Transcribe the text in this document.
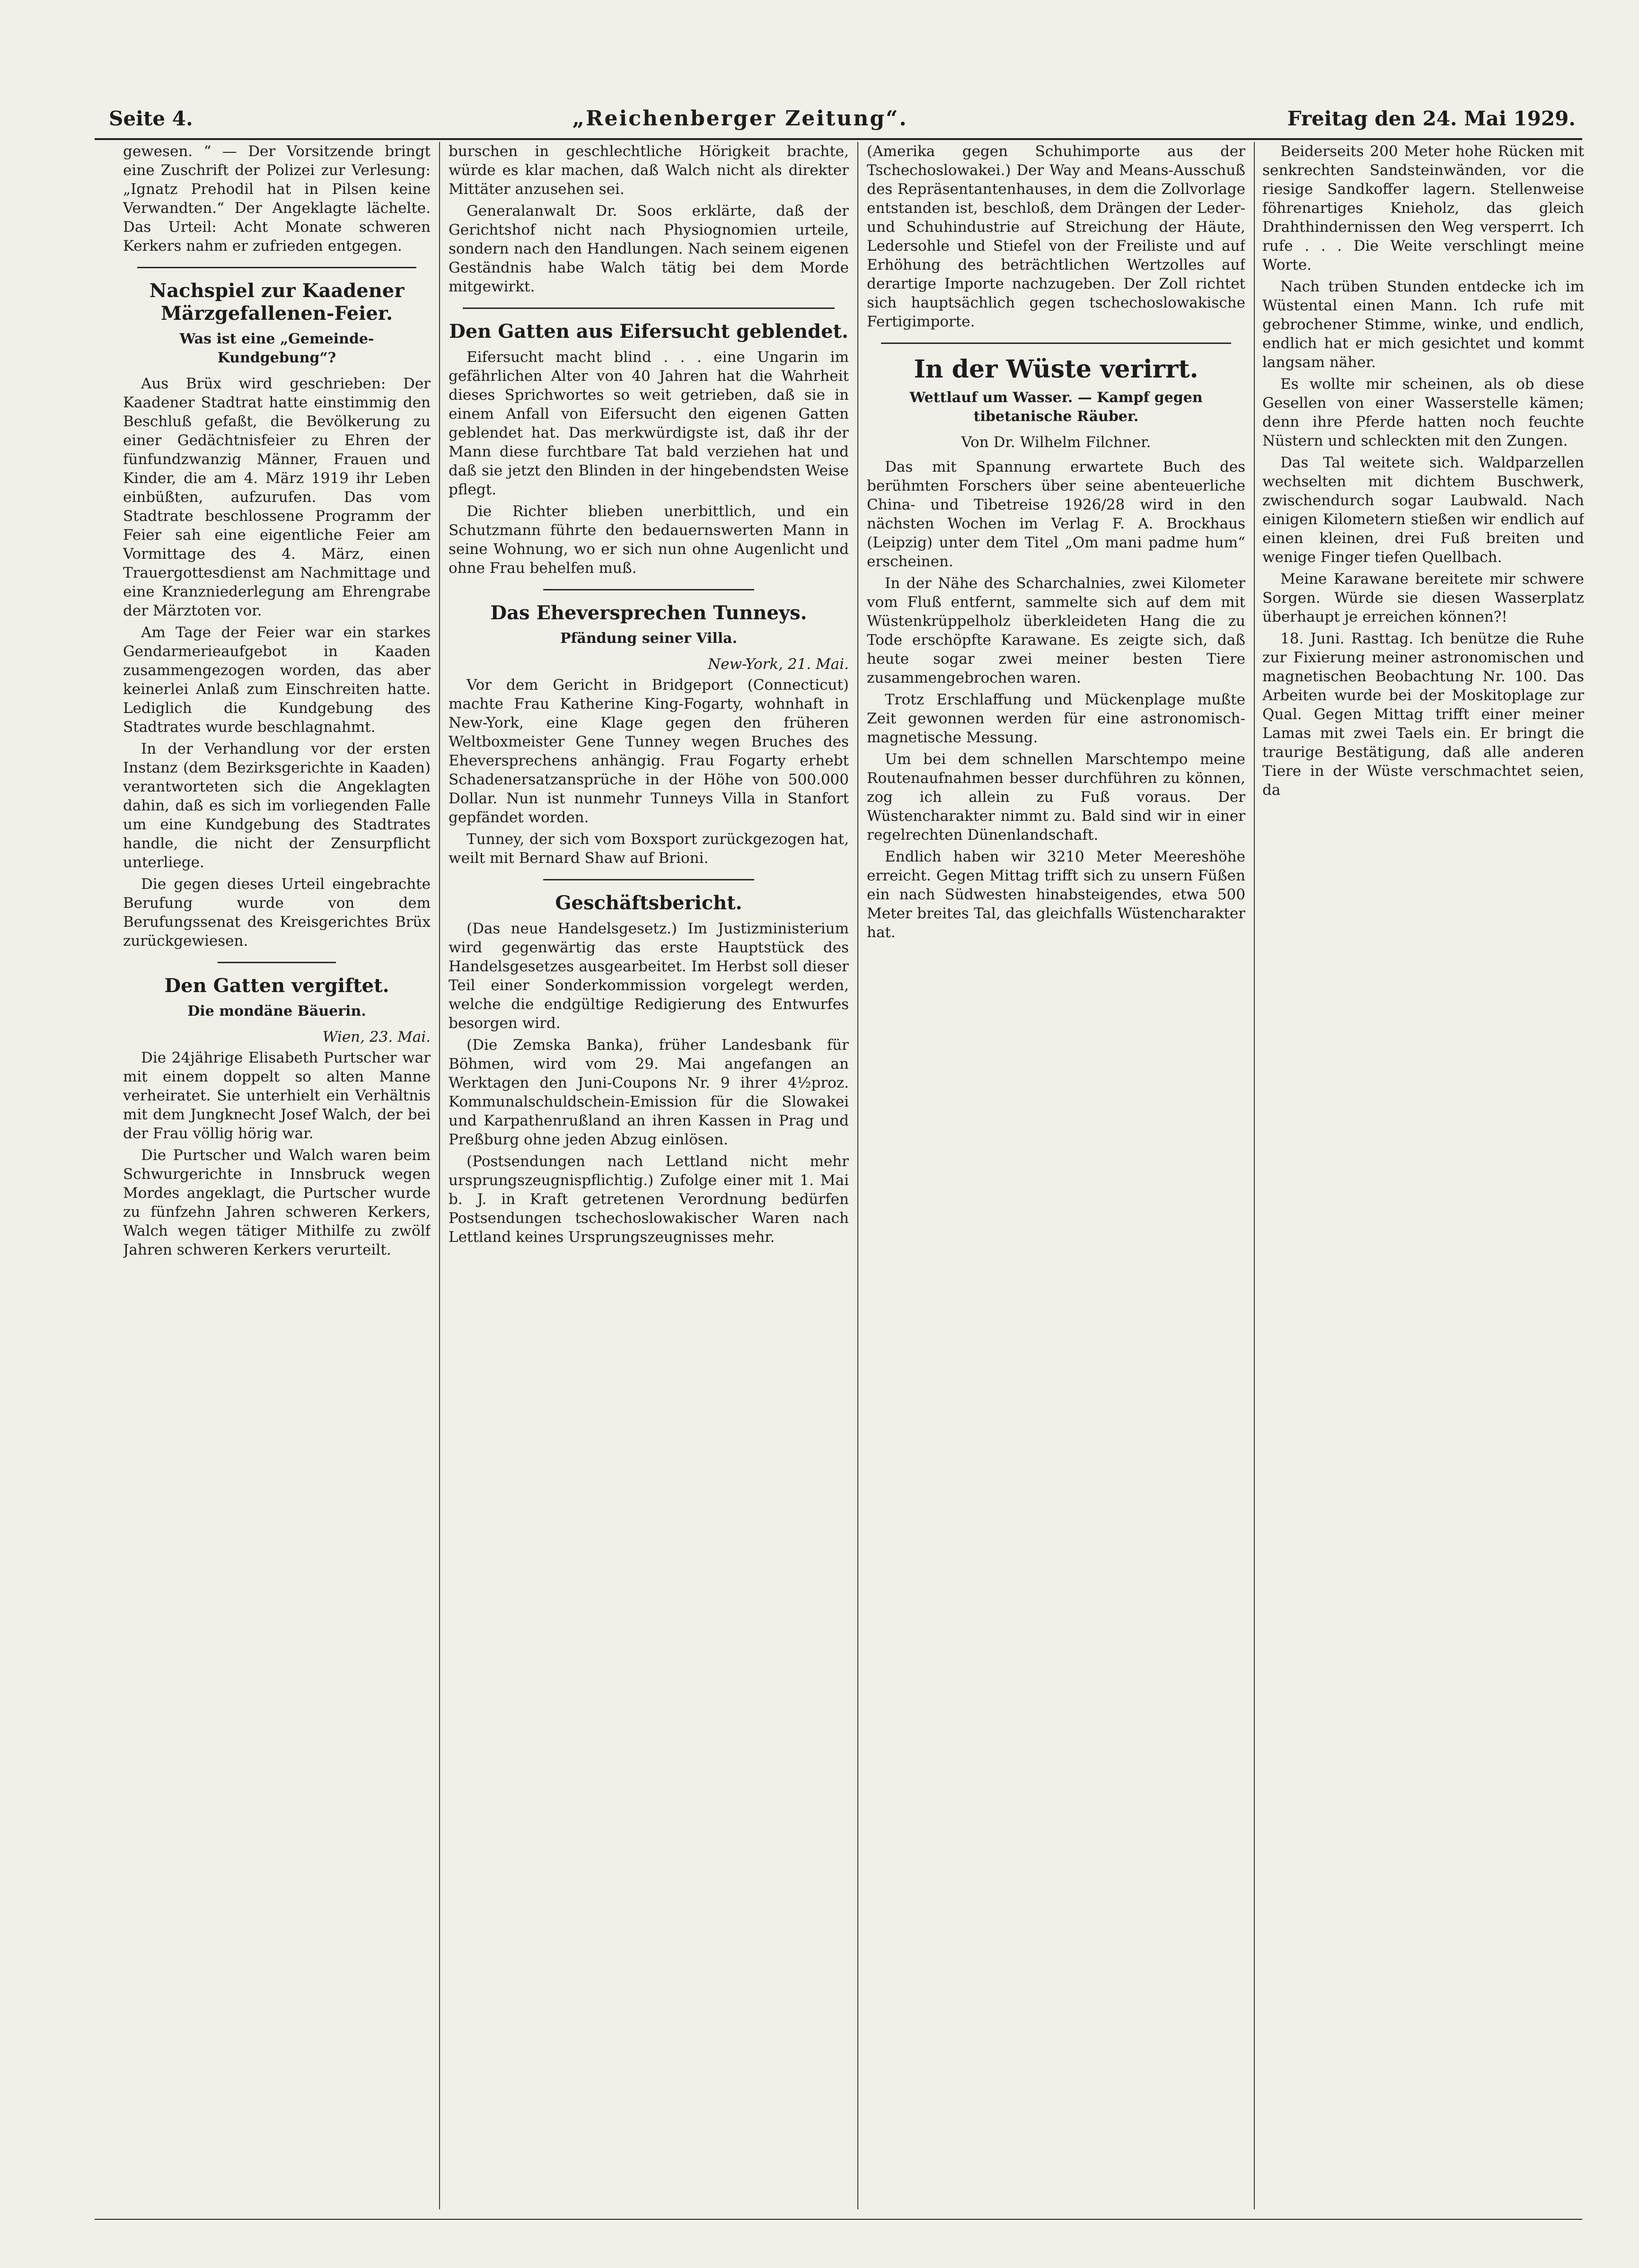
Seite 4.	„Reichenberger Zeitung“.	Freitag den 24. Mai 1929.

gewesen. “ — Der Vorsitzende bringt eine Zuschrift der Polizei zur Verlesung: „Ignatz Prehodil hat in Pilsen keine Verwandten.“ Der Angeklagte lächelte. Das Urteil: Acht Monate schweren Kerkers nahm er zufrieden entgegen.

Nachspiel zur Kaadener Märzgefallenen-Feier.
Was ist eine „Gemeinde-Kundgebung“?

Aus Brüx wird geschrieben: Der Kaadener Stadtrat hatte einstimmig den Beschluß gefaßt, die Bevölkerung zu einer Gedächtnisfeier zu Ehren der fünfundzwanzig Männer, Frauen und Kinder, die am 4. März 1919 ihr Leben einbüßten, aufzurufen. Das vom Stadtrate beschlossene Programm der Feier sah eine eigentliche Feier am Vormittage des 4. März, einen Trauergottesdienst am Nachmittage und eine Kranzniederlegung am Ehrengrabe der Märztoten vor.

Am Tage der Feier war ein starkes Gendarmerieaufgebot in Kaaden zusammengezogen worden, das aber keinerlei Anlaß zum Einschreiten hatte. Lediglich die Kundgebung des Stadtrates wurde beschlagnahmt.

In der Verhandlung vor der ersten Instanz (dem Bezirksgerichte in Kaaden) verantworteten sich die Angeklagten dahin, daß es sich im vorliegenden Falle um eine Kundgebung des Stadtrates handle, die nicht der Zensurpflicht unterliege.

Die gegen dieses Urteil eingebrachte Berufung wurde von dem Berufungssenat des Kreisgerichtes Brüx zurückgewiesen.

Den Gatten vergiftet.
Die mondäne Bäuerin.
Wien, 23. Mai.

Die 24jährige Elisabeth Purtscher war mit einem doppelt so alten Manne verheiratet. Sie unterhielt ein Verhältnis mit dem Jungknecht Josef Walch, der bei der Frau völlig hörig war.

Die Purtscher und Walch waren beim Schwurgerichte in Innsbruck wegen Mordes angeklagt, die Purtscher wurde zu fünfzehn Jahren schweren Kerkers, Walch wegen tätiger Mithilfe zu zwölf Jahren schweren Kerkers verurteilt.

burschen in geschlechtliche Hörigkeit brachte, würde es klar machen, daß Walch nicht als direkter Mittäter anzusehen sei.

Generalanwalt Dr. Soos erklärte, daß der Gerichtshof nicht nach Physiognomien urteile, sondern nach den Handlungen. Nach seinem eigenen Geständnis habe Walch tätig bei dem Morde mitgewirkt.

Den Gatten aus Eifersucht geblendet.

Eifersucht macht blind . . . eine Ungarin im gefährlichen Alter von 40 Jahren hat die Wahrheit dieses Sprichwortes so weit getrieben, daß sie in einem Anfall von Eifersucht den eigenen Gatten geblendet hat. Das merkwürdigste ist, daß ihr der Mann diese furchtbare Tat bald verziehen hat und daß sie jetzt den Blinden in der hingebendsten Weise pflegt.

Die Richter blieben unerbittlich, und ein Schutzmann führte den bedauernswerten Mann in seine Wohnung, wo er sich nun ohne Augenlicht und ohne Frau behelfen muß.

Das Eheversprechen Tunneys.
Pfändung seiner Villa.
New-York, 21. Mai.

Vor dem Gericht in Bridgeport (Connecticut) machte Frau Katherine King-Fogarty, wohnhaft in New-York, eine Klage gegen den früheren Weltboxmeister Gene Tunney wegen Bruches des Eheversprechens anhängig. Frau Fogarty erhebt Schadenersatzansprüche in der Höhe von 500.000 Dollar. Nun ist nunmehr Tunneys Villa in Stanfort gepfändet worden.

Tunney, der sich vom Boxsport zurückgezogen hat, weilt mit Bernard Shaw auf Brioni.

Geschäftsbericht.

(Das neue Handelsgesetz.) Im Justizministerium wird gegenwärtig das erste Hauptstück des Handelsgesetzes ausgearbeitet. Im Herbst soll dieser Teil einer Sonderkommission vorgelegt werden, welche die endgültige Redigierung des Entwurfes besorgen wird.

(Die Zemska Banka), früher Landesbank für Böhmen, wird vom 29. Mai angefangen an Werktagen den Juni-Coupons Nr. 9 ihrer 4½proz. Kommunalschuldschein-Emission für die Slowakei und Karpathenrußland an ihren Kassen in Prag und Preßburg ohne jeden Abzug einlösen.

(Postsendungen nach Lettland nicht mehr ursprungszeugnispflichtig.) Zufolge einer mit 1. Mai b. J. in Kraft getretenen Verordnung bedürfen Postsendungen tschechoslowakischer Waren nach Lettland keines Ursprungszeugnisses mehr.

(Amerika gegen Schuhimporte aus der Tschechoslowakei.) Der Way and Means-Ausschuß des Repräsentantenhauses, in dem die Zollvorlage entstanden ist, beschloß, dem Drängen der Leder- und Schuhindustrie auf Streichung der Häute, Ledersohle und Stiefel von der Freiliste und auf Erhöhung des beträchtlichen Wertzolles auf derartige Importe nachzugeben. Der Zoll richtet sich hauptsächlich gegen tschechoslowakische Fertigimporte.

In der Wüste verirrt.
Wettlauf um Wasser. — Kampf gegen tibetanische Räuber.
Von Dr. Wilhelm Filchner.

Das mit Spannung erwartete Buch des berühmten Forschers über seine abenteuerliche China- und Tibetreise 1926/28 wird in den nächsten Wochen im Verlag F. A. Brockhaus (Leipzig) unter dem Titel „Om mani padme hum“ erscheinen.

In der Nähe des Scharchalnies, zwei Kilometer vom Fluß entfernt, sammelte sich auf dem mit Wüstenkrüppelholz überkleideten Hang die zu Tode erschöpfte Karawane. Es zeigte sich, daß heute sogar zwei meiner besten Tiere zusammengebrochen waren.

Trotz Erschlaffung und Mückenplage mußte Zeit gewonnen werden für eine astronomisch-magnetische Messung.

Um bei dem schnellen Marschtempo meine Routenaufnahmen besser durchführen zu können, zog ich allein zu Fuß voraus. Der Wüstencharakter nimmt zu. Bald sind wir in einer regelrechten Dünenlandschaft.

Endlich haben wir 3210 Meter Meereshöhe erreicht. Gegen Mittag trifft sich zu unsern Füßen ein nach Südwesten hinabsteigendes, etwa 500 Meter breites Tal, das gleichfalls Wüstencharakter hat.

Beiderseits 200 Meter hohe Rücken mit senkrechten Sandsteinwänden, vor die riesige Sandkoffer lagern. Stellenweise föhrenartiges Knieholz, das gleich Drahthindernissen den Weg versperrt. Ich rufe . . . Die Weite verschlingt meine Worte.

Nach trüben Stunden entdecke ich im Wüstental einen Mann. Ich rufe mit gebrochener Stimme, winke, und endlich, endlich hat er mich gesichtet und kommt langsam näher.

Es wollte mir scheinen, als ob diese Gesellen von einer Wasserstelle kämen; denn ihre Pferde hatten noch feuchte Nüstern und schleckten mit den Zungen.

Das Tal weitete sich. Waldparzellen wechselten mit dichtem Buschwerk, zwischendurch sogar Laubwald. Nach einigen Kilometern stießen wir endlich auf einen kleinen, drei Fuß breiten und wenige Finger tiefen Quellbach.

Meine Karawane bereitete mir schwere Sorgen. Würde sie diesen Wasserplatz überhaupt je erreichen können?!

18. Juni. Rasttag. Ich benütze die Ruhe zur Fixierung meiner astronomischen und magnetischen Beobachtung Nr. 100. Das Arbeiten wurde bei der Moskitoplage zur Qual. Gegen Mittag trifft einer meiner Lamas mit zwei Taels ein. Er bringt die traurige Bestätigung, daß alle anderen Tiere in der Wüste verschmachtet seien, da
